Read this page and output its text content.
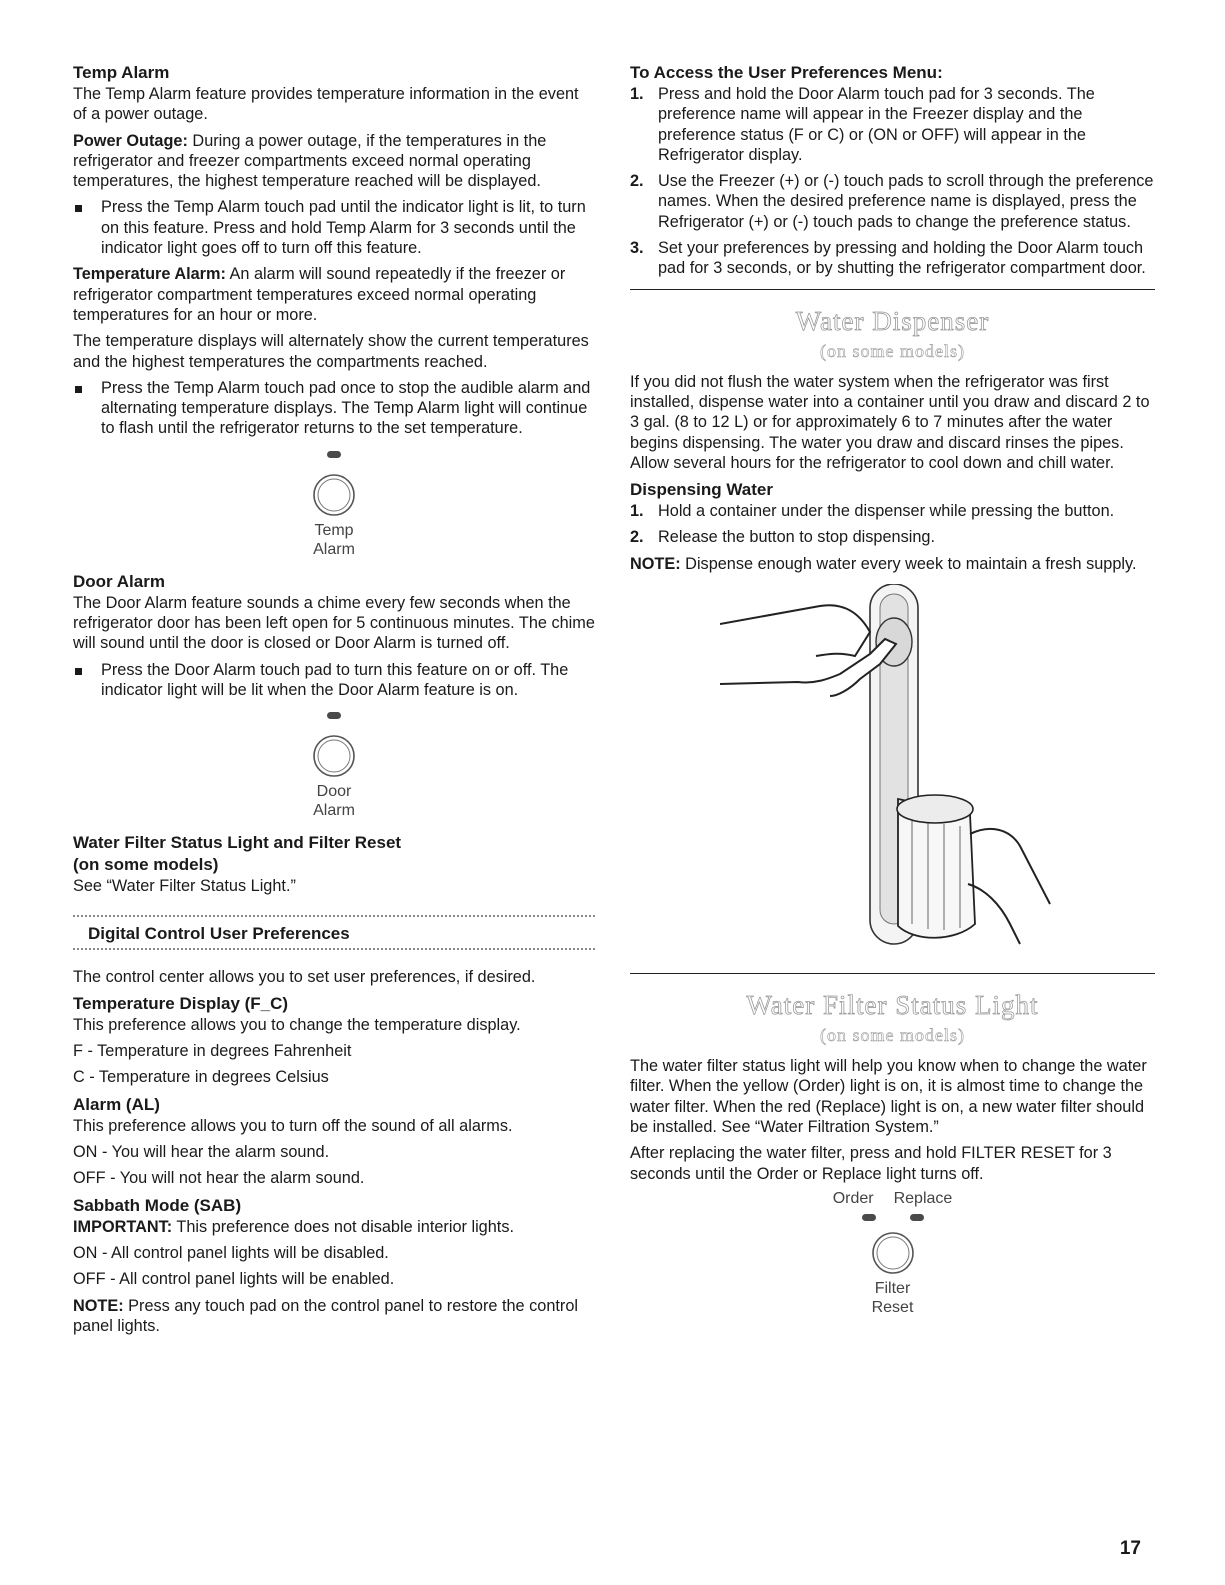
Temp Alarm

The Temp Alarm feature provides temperature information in the event of a power outage.

Power Outage: During a power outage, if the temperatures in the refrigerator and freezer compartments exceed normal operating temperatures, the highest temperature reached will be displayed.

Press the Temp Alarm touch pad until the indicator light is lit, to turn on this feature. Press and hold Temp Alarm for 3 seconds until the indicator light goes off to turn off this feature.

Temperature Alarm: An alarm will sound repeatedly if the freezer or refrigerator compartment temperatures exceed normal operating temperatures for an hour or more.

The temperature displays will alternately show the current temperatures and the highest temperatures the compartments reached.

Press the Temp Alarm touch pad once to stop the audible alarm and alternating temperature displays. The Temp Alarm light will continue to flash until the refrigerator returns to the set temperature.
Temp
Alarm
Door Alarm

The Door Alarm feature sounds a chime every few seconds when the refrigerator door has been left open for 5 continuous minutes. The chime will sound until the door is closed or Door Alarm is turned off.

Press the Door Alarm touch pad to turn this feature on or off. The indicator light will be lit when the Door Alarm feature is on.
Door
Alarm
Water Filter Status Light and Filter Reset
(on some models)

See “Water Filter Status Light.”

Digital Control User Preferences

The control center allows you to set user preferences, if desired.

Temperature Display (F_C)

This preference allows you to change the temperature display.

F - Temperature in degrees Fahrenheit

C - Temperature in degrees Celsius

Alarm (AL)

This preference allows you to turn off the sound of all alarms.

ON - You will hear the alarm sound.

OFF - You will not hear the alarm sound.

Sabbath Mode (SAB)

IMPORTANT: This preference does not disable interior lights.

ON - All control panel lights will be disabled.

OFF - All control panel lights will be enabled.

NOTE: Press any touch pad on the control panel to restore the control panel lights.

To Access the User Preferences Menu:
1. Press and hold the Door Alarm touch pad for 3 seconds. The preference name will appear in the Freezer display and the preference status (F or C) or (ON or OFF) will appear in the Refrigerator display.
2. Use the Freezer (+) or (-) touch pads to scroll through the preference names. When the desired preference name is displayed, press the Refrigerator (+) or (-) touch pads to change the preference status.
3. Set your preferences by pressing and holding the Door Alarm touch pad for 3 seconds, or by shutting the refrigerator compartment door.
Water Dispenser
(on some models)

If you did not flush the water system when the refrigerator was first installed, dispense water into a container until you draw and discard 2 to 3 gal. (8 to 12 L) or for approximately 6 to 7 minutes after the water begins dispensing. The water you draw and discard rinses the pipes. Allow several hours for the refrigerator to cool down and chill water.

Dispensing Water
1. Hold a container under the dispenser while pressing the button.
2. Release the button to stop dispensing.

NOTE: Dispense enough water every week to maintain a fresh supply.

Water Filter Status Light
(on some models)

The water filter status light will help you know when to change the water filter. When the yellow (Order) light is on, it is almost time to change the water filter. When the red (Replace) light is on, a new water filter should be installed. See “Water Filtration System.”

After replacing the water filter, press and hold FILTER RESET for 3 seconds until the Order or Replace light turns off.

Order Replace
Filter
Reset
17
